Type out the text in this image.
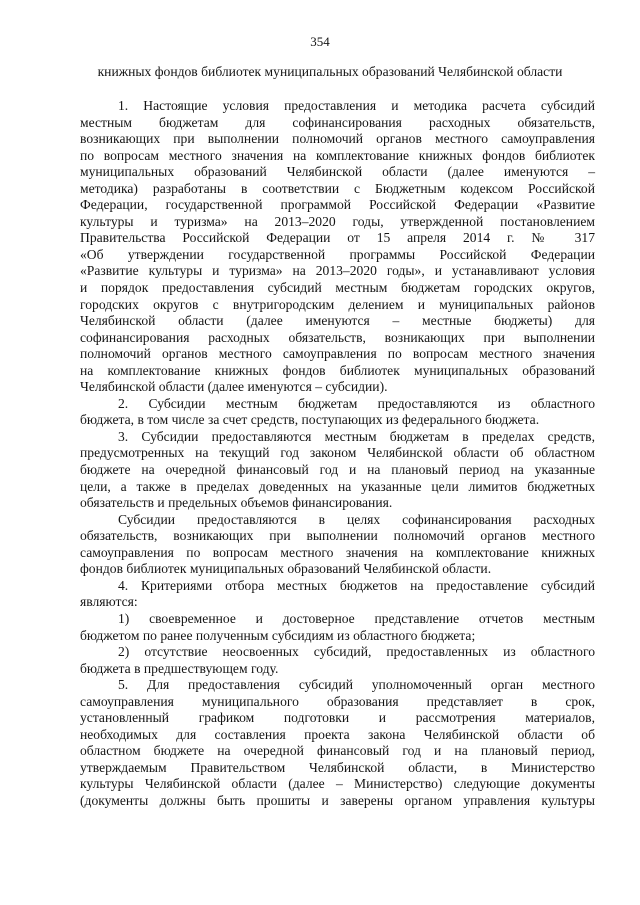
354
книжных фондов библиотек муниципальных образований Челябинской области
1. Настоящие условия предоставления и методика расчета субсидий
местным бюджетам для софинансирования расходных обязательств,
возникающих при выполнении полномочий органов местного самоуправления
по вопросам местного значения на комплектование книжных фондов библиотек
муниципальных образований Челябинской области (далее именуются –
методика) разработаны в соответствии с Бюджетным кодексом Российской
Федерации, государственной программой Российской Федерации «Развитие
культуры и туризма» на 2013–2020 годы, утвержденной постановлением
Правительства Российской Федерации от 15 апреля 2014 г. № 317
«Об утверждении государственной программы Российской Федерации
«Развитие культуры и туризма» на 2013–2020 годы», и устанавливают условия
и порядок предоставления субсидий местным бюджетам городских округов,
городских округов с внутригородским делением и муниципальных районов
Челябинской области (далее именуются – местные бюджеты) для
софинансирования расходных обязательств, возникающих при выполнении
полномочий органов местного самоуправления по вопросам местного значения
на комплектование книжных фондов библиотек муниципальных образований
Челябинской области (далее именуются – субсидии).
2. Субсидии местным бюджетам предоставляются из областного
бюджета, в том числе за счет средств, поступающих из федерального бюджета.
3. Субсидии предоставляются местным бюджетам в пределах средств,
предусмотренных на текущий год законом Челябинской области об областном
бюджете на очередной финансовый год и на плановый период на указанные
цели, а также в пределах доведенных на указанные цели лимитов бюджетных
обязательств и предельных объемов финансирования.
Субсидии предоставляются в целях софинансирования расходных
обязательств, возникающих при выполнении полномочий органов местного
самоуправления по вопросам местного значения на комплектование книжных
фондов библиотек муниципальных образований Челябинской области.
4. Критериями отбора местных бюджетов на предоставление субсидий
являются:
1) своевременное и достоверное представление отчетов местным
бюджетом по ранее полученным субсидиям из областного бюджета;
2) отсутствие неосвоенных субсидий, предоставленных из областного
бюджета в предшествующем году.
5. Для предоставления субсидий уполномоченный орган местного
самоуправления муниципального образования представляет в срок,
установленный графиком подготовки и рассмотрения материалов,
необходимых для составления проекта закона Челябинской области об
областном бюджете на очередной финансовый год и на плановый период,
утверждаемым Правительством Челябинской области, в Министерство
культуры Челябинской области (далее – Министерство) следующие документы
(документы должны быть прошиты и заверены органом управления культуры
